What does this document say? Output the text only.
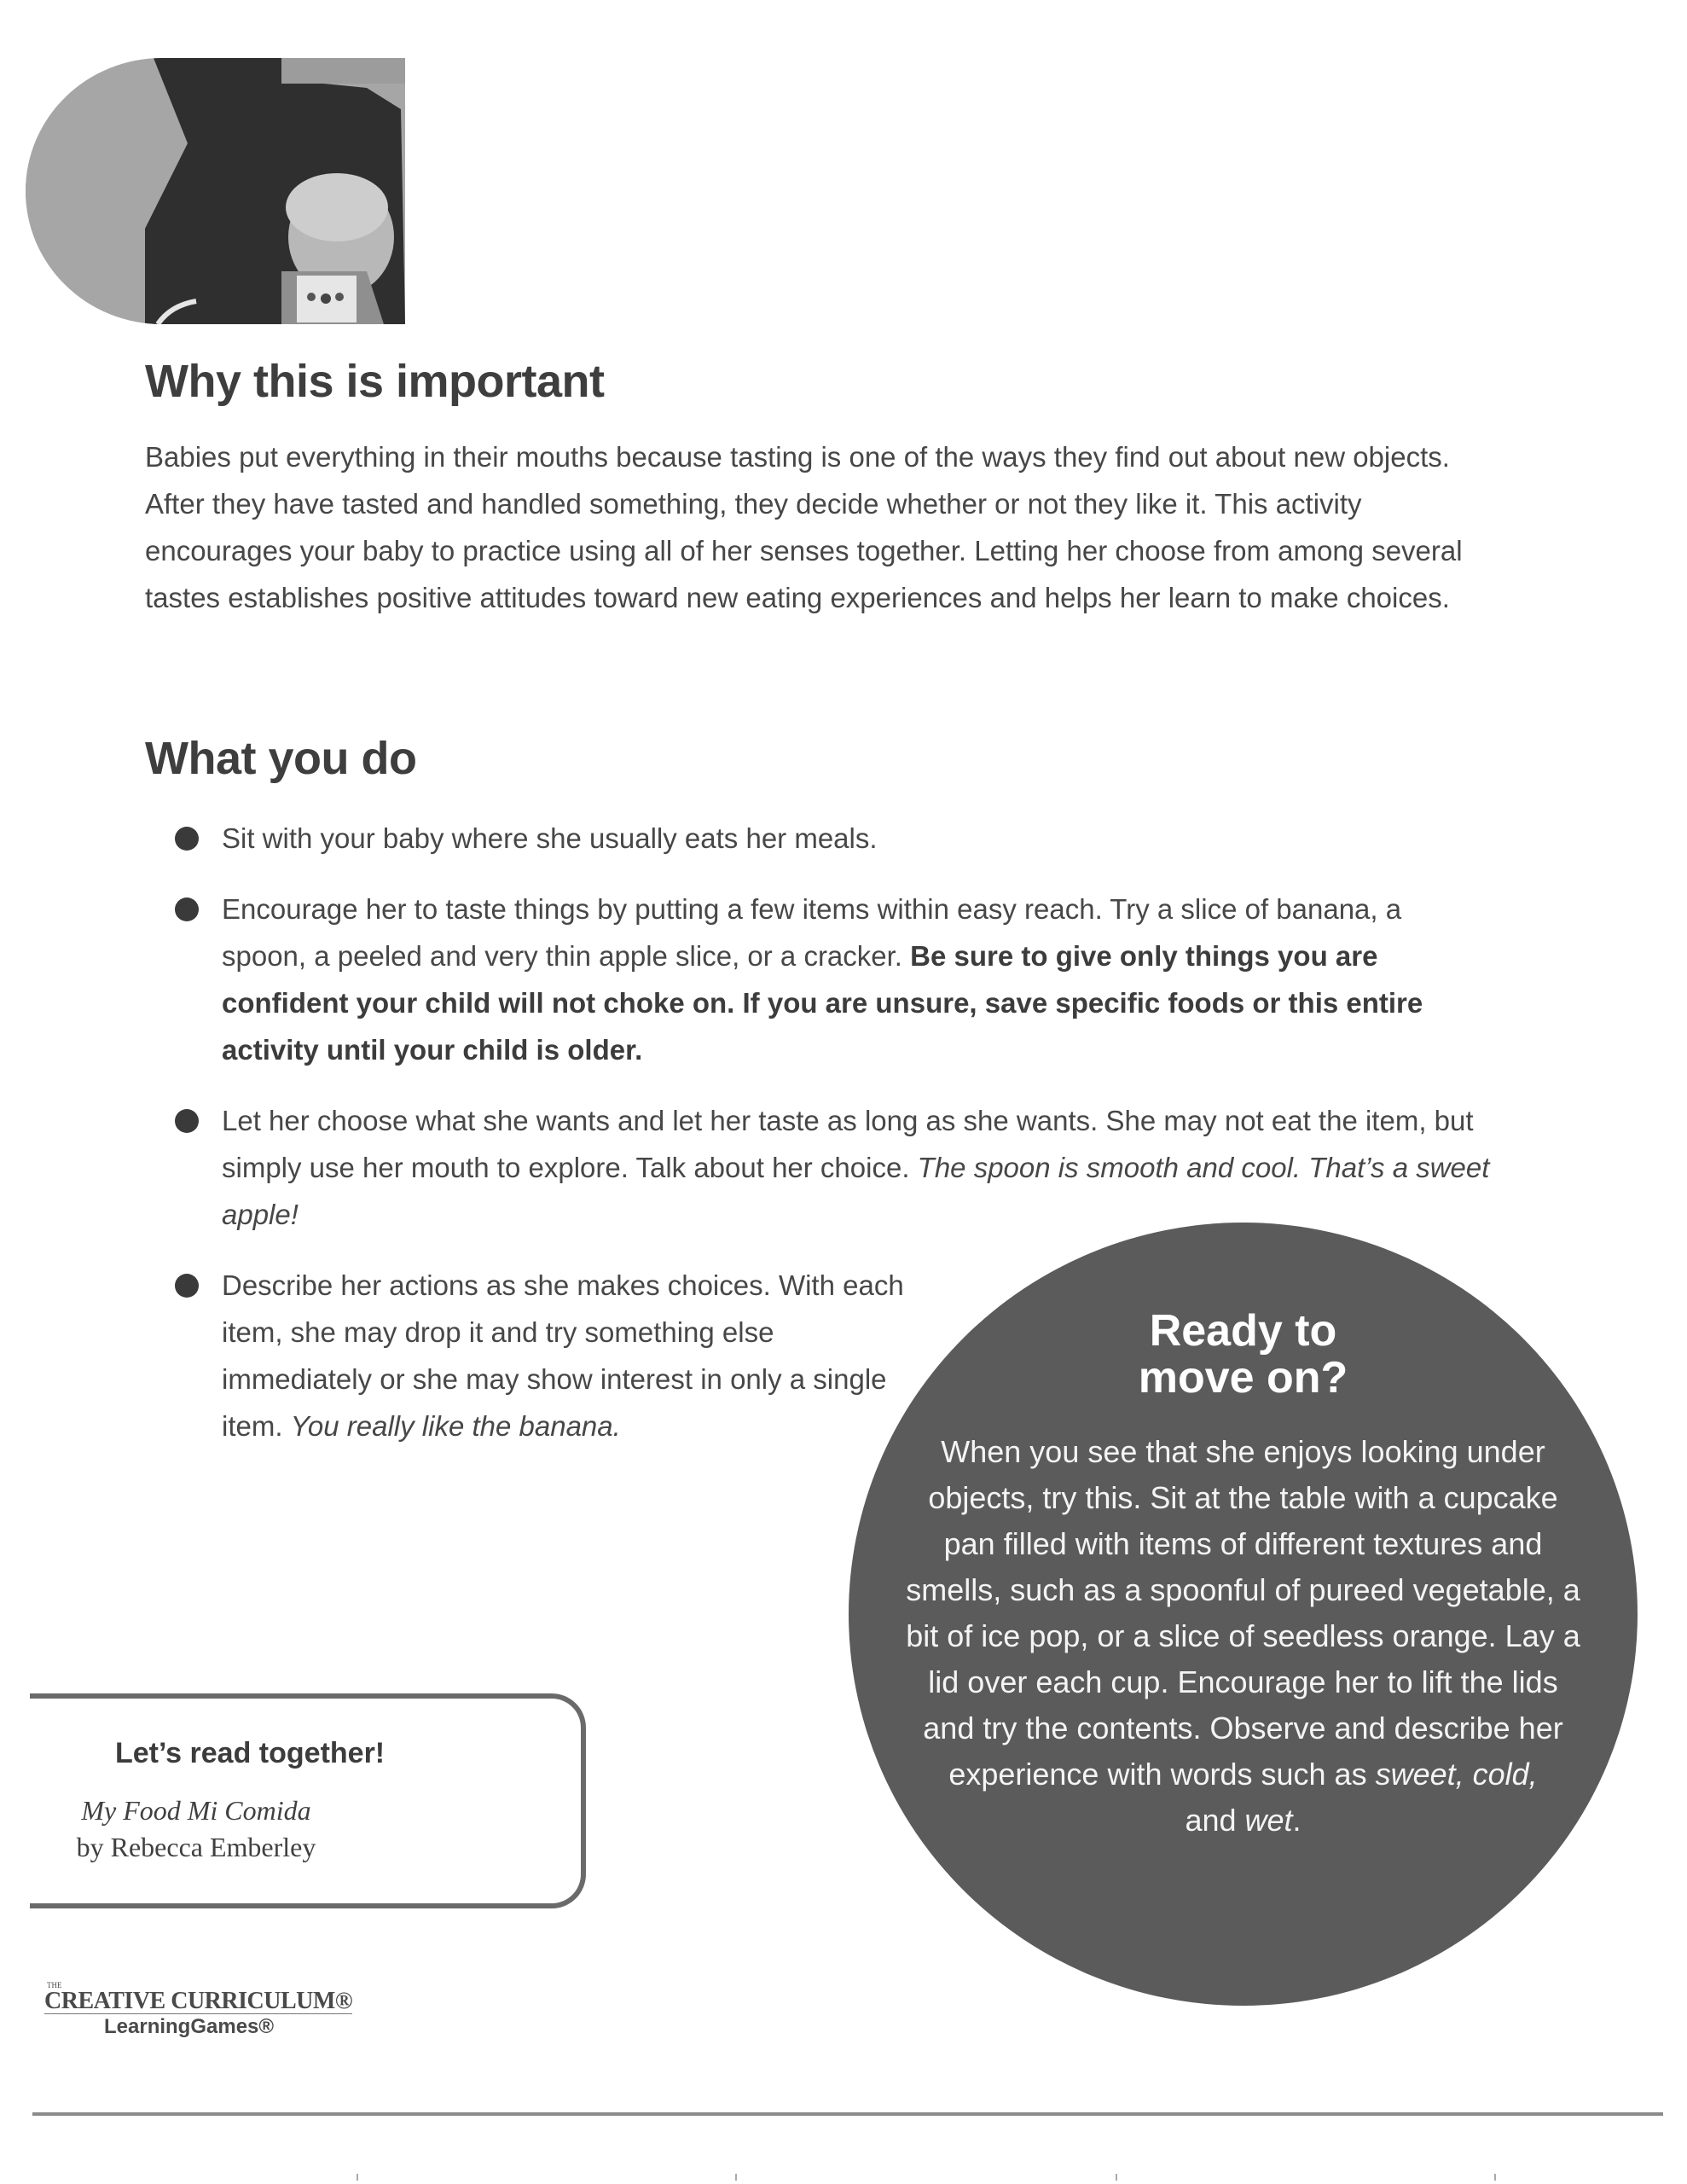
Why this is important

Babies put everything in their mouths because tasting is one of the ways they find out about new objects. After they have tasted and handled something, they decide whether or not they like it. This activity encourages your baby to practice using all of her senses together. Letting her choose from among several tastes establishes positive attitudes toward new eating experiences and helps her learn to make choices.

What you do
Sit with your baby where she usually eats her meals.
Encourage her to taste things by putting a few items within easy reach. Try a slice of banana, a spoon, a peeled and very thin apple slice, or a cracker. Be sure to give only things you are confident your child will not choke on. If you are unsure, save specific foods or this entire activity until your child is older.
Let her choose what she wants and let her taste as long as she wants. She may not eat the item, but simply use her mouth to explore. Talk about her choice. The spoon is smooth and cool. That’s a sweet apple!
Describe her actions as she makes choices. With each item, she may drop it and try something else immediately or she may show interest in only a single item. You really like the banana.
Ready to
move on?
When you see that she enjoys looking under objects, try this. Sit at the table with a cupcake pan filled with items of different textures and smells, such as a spoonful of pureed vegetable, a bit of ice pop, or a slice of seedless orange. Lay a lid over each cup. Encourage her to lift the lids and try the contents. Observe and describe her experience with words such as sweet, cold,
and wet.
Let’s read together!
My Food Mi Comida
by Rebecca Emberley
THE
CREATIVE CURRICULUM®
LearningGames®
